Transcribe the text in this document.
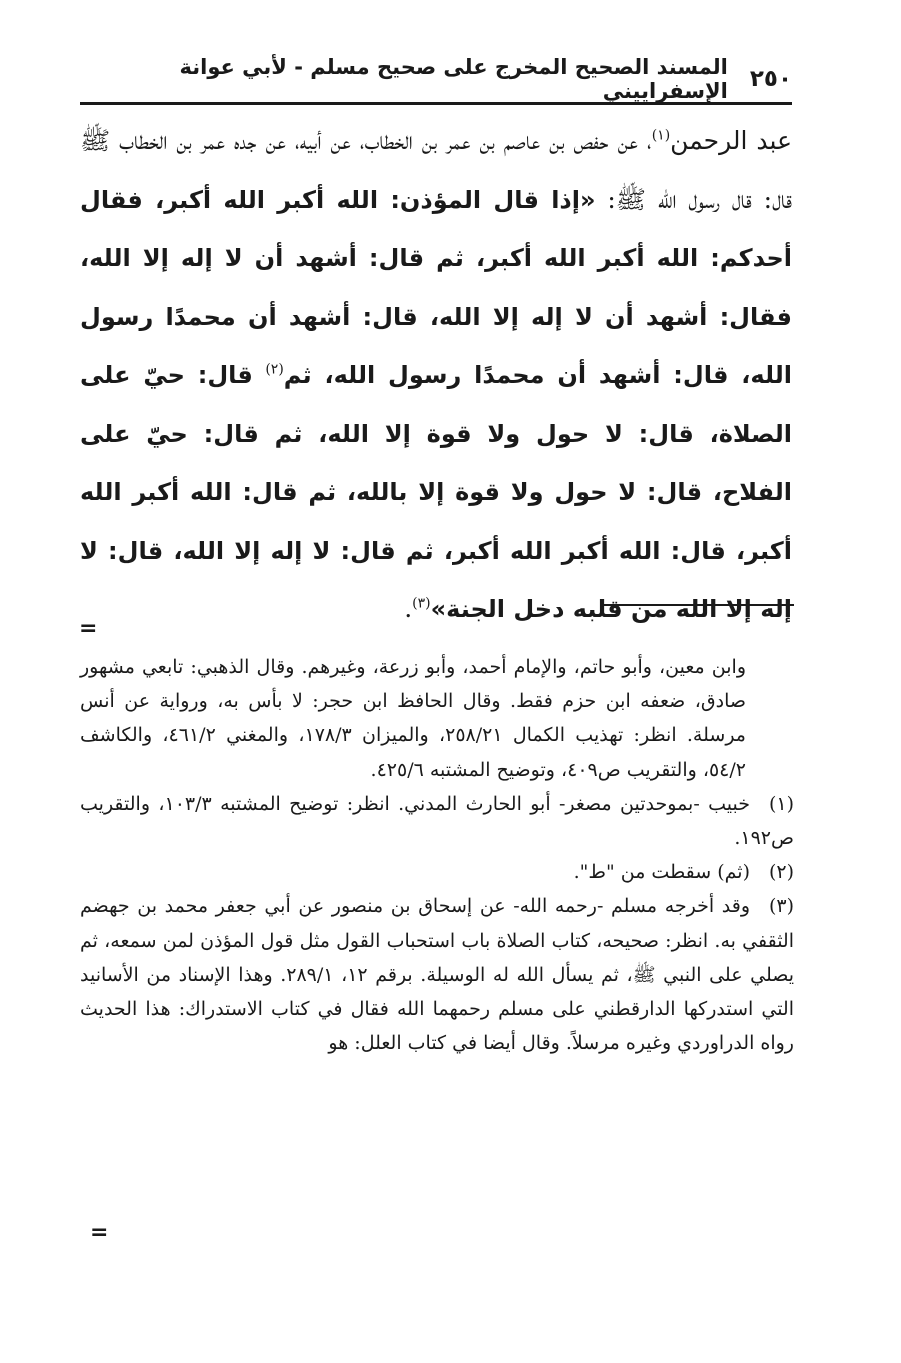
٢٥٠
المسند الصحيح المخرج على صحيح مسلم - لأبي عوانة الإسفراييني

عبد الرحمن$^{(١)}$، عن حفص بن عاصم بن عمر بن الخطاب، عن أبيه، عن جده عمر بن الخطاب ﷺ قال: قال رسول الله ﷺ: «إذا قال المؤذن: الله أكبر الله أكبر، فقال أحدكم: الله أكبر الله أكبر، ثم قال: أشهد أن لا إله إلا الله، فقال: أشهد أن لا إله إلا الله، قال: أشهد أن محمدًا رسول الله، قال: أشهد أن محمدًا رسول الله، ثم$^{(٢)}$ قال: حيّ على الصلاة، قال: لا حول ولا قوة إلا الله، ثم قال: حيّ على الفلاح، قال: لا حول ولا قوة إلا بالله، ثم قال: الله أكبر الله أكبر، قال: الله أكبر الله أكبر، ثم قال: لا إله إلا الله، قال: لا إله إلا الله من قلبه دخل الجنة»$^{(٣)}$.

=

وابن معين، وأبو حاتم، والإمام أحمد، وأبو زرعة، وغيرهم. وقال الذهبي: تابعي مشهور صادق، ضعفه ابن حزم فقط. وقال الحافظ ابن حجر: لا بأس به، ورواية عن أنس مرسلة. انظر: تهذيب الكمال ٢٥٨/٢١، والميزان ١٧٨/٣، والمغني ٤٦١/٢، والكاشف ٥٤/٢، والتقريب ص٤٠٩، وتوضيح المشتبه ٤٢٥/٦.

(١)خبيب -بموحدتين مصغر- أبو الحارث المدني. انظر: توضيح المشتبه ١٠٣/٣، والتقريب ص١٩٢.

(٢)(ثم) سقطت من "ط".

(٣)وقد أخرجه مسلم -رحمه الله- عن إسحاق بن منصور عن أبي جعفر محمد بن جهضم الثقفي به. انظر: صحيحه، كتاب الصلاة باب استحباب القول مثل قول المؤذن لمن سمعه، ثم يصلي على النبي ﷺ، ثم يسأل الله له الوسيلة. برقم ١٢، ٢٨٩/١. وهذا الإسناد من الأسانيد التي استدركها الدارقطني على مسلم رحمهما الله فقال في كتاب الاستدراك: هذا الحديث رواه الدراوردي وغيره مرسلاً. وقال أيضا في كتاب العلل: هو

=
